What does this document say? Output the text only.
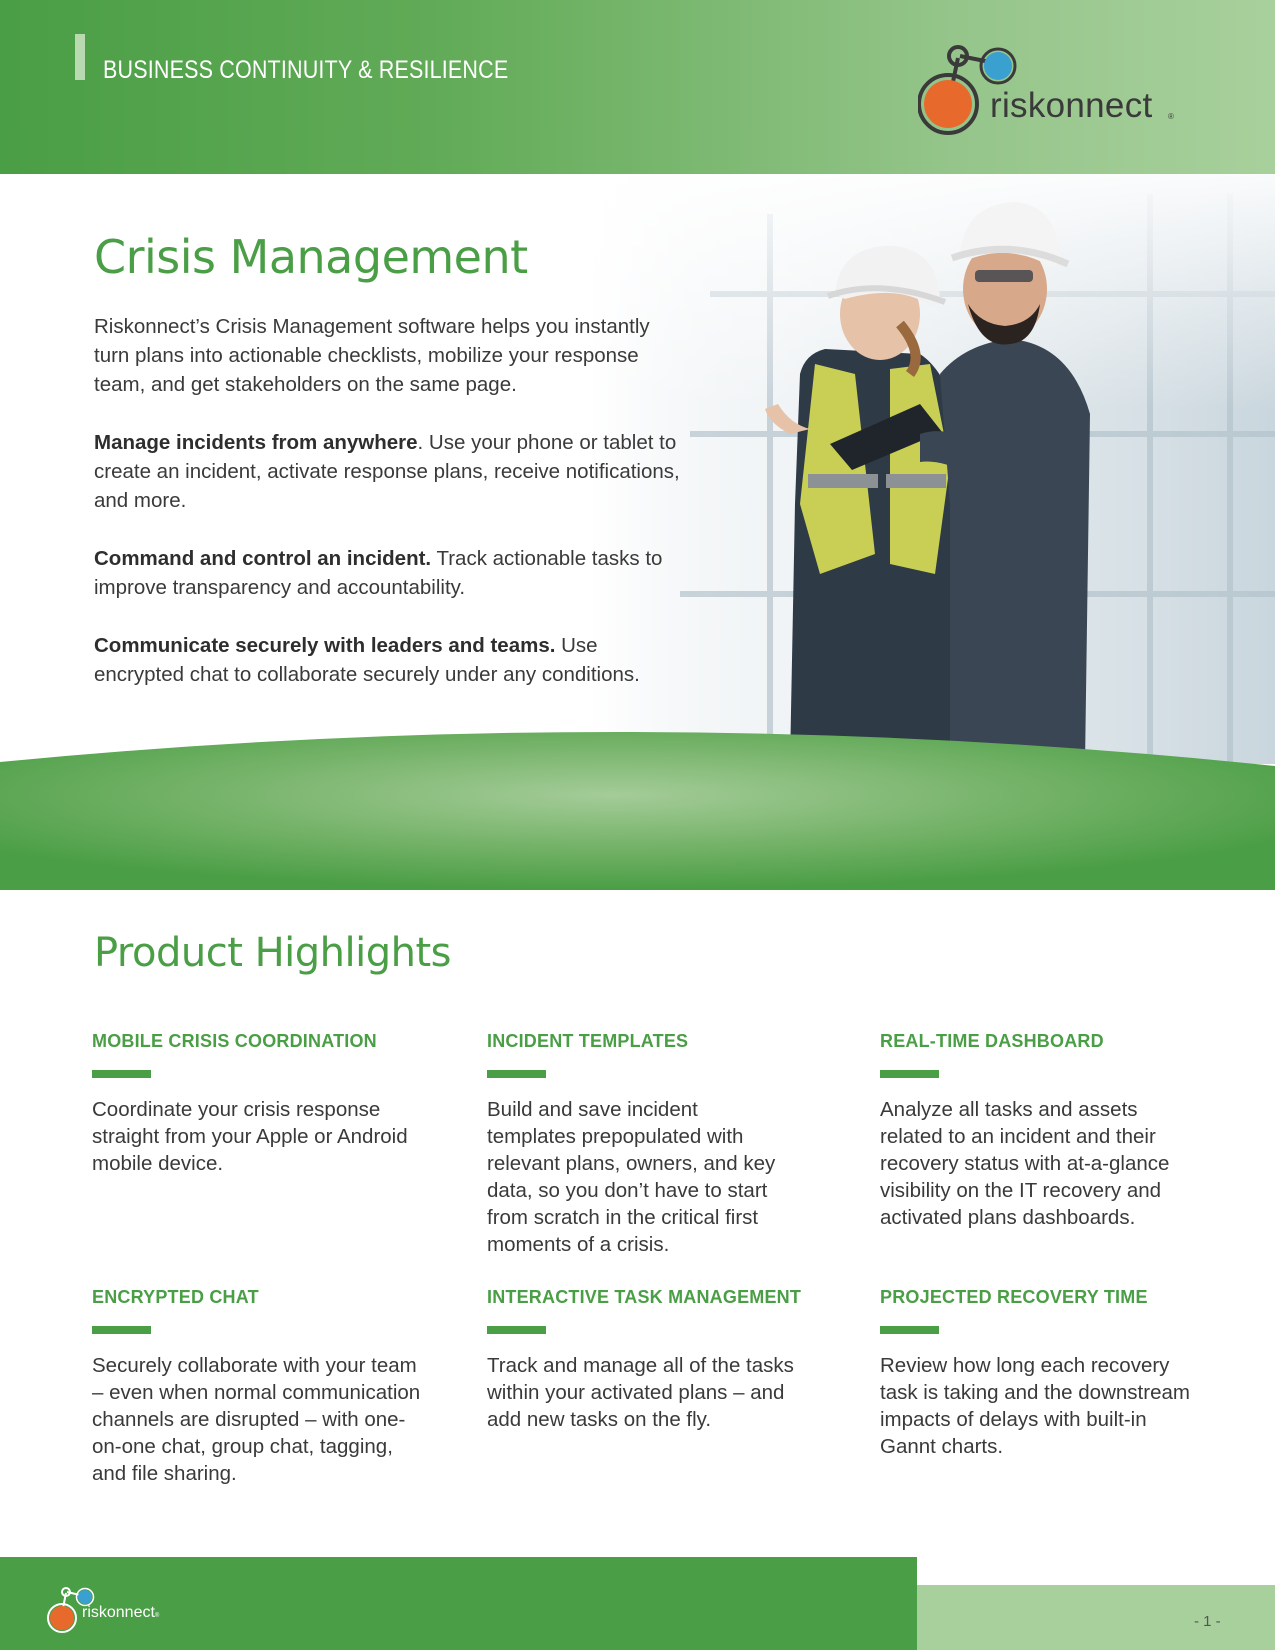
BUSINESS CONTINUITY & RESILIENCE
riskonnect ®
Crisis Management

Riskonnect’s Crisis Management software helps you instantly turn plans into actionable checklists, mobilize your response team, and get stakeholders on the same page.

Manage incidents from anywhere. Use your phone or tablet to create an incident, activate response plans, receive notifications, and more.

Command and control an incident. Track actionable tasks to improve transparency and accountability.

Communicate securely with leaders and teams. Use encrypted chat to collaborate securely under any conditions.

Product Highlights
MOBILE CRISIS COORDINATION
Coordinate your crisis response straight from your Apple or Android mobile device.
INCIDENT TEMPLATES
Build and save incident templates prepopulated with relevant plans, owners, and key data, so you don’t have to start from scratch in the critical first moments of a crisis.
REAL-TIME DASHBOARD
Analyze all tasks and assets related to an incident and their recovery status with at-a-glance visibility on the IT recovery and activated plans dashboards.
ENCRYPTED CHAT
Securely collaborate with your team – even when normal communication channels are disrupted – with one-on-one chat, group chat, tagging, and file sharing.
INTERACTIVE TASK MANAGEMENT
Track and manage all of the tasks within your activated plans – and add new tasks on the fly.
PROJECTED RECOVERY TIME
Review how long each recovery task is taking and the downstream impacts of delays with built-in Gannt charts.
riskonnect®	- 1 -
